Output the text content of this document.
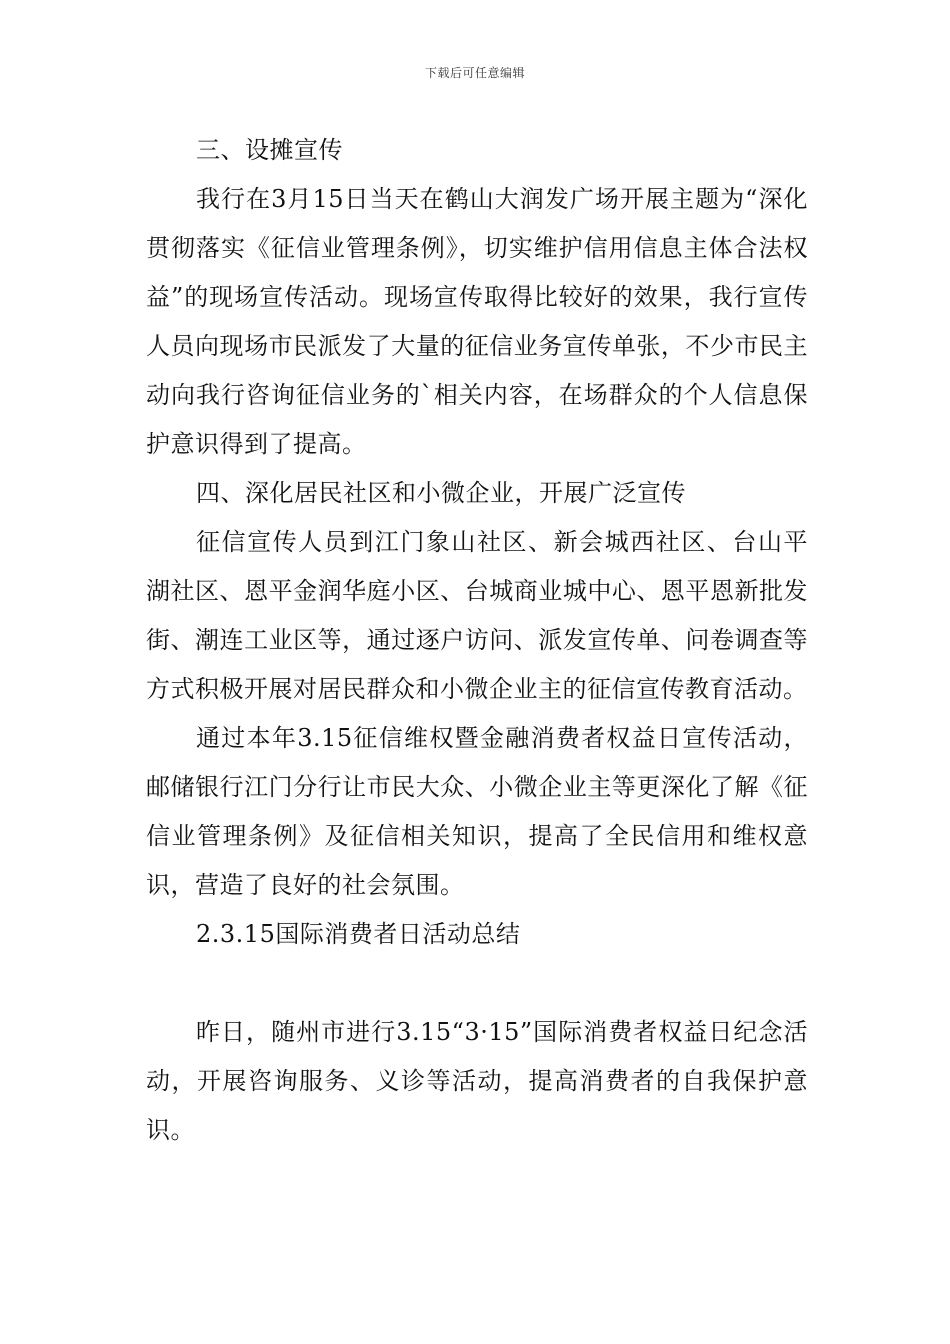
下载后可任意编辑

三、设摊宣传

我行在3月15日当天在鹤山大润发广场开展主题为“深化贯彻落实《征信业管理条例》，切实维护信用信息主体合法权益”的现场宣传活动。现场宣传取得比较好的效果，我行宣传人员向现场市民派发了大量的征信业务宣传单张，不少市民主动向我行咨询征信业务的`相关内容，在场群众的个人信息保护意识得到了提高。

四、深化居民社区和小微企业，开展广泛宣传

征信宣传人员到江门象山社区、新会城西社区、台山平湖社区、恩平金润华庭小区、台城商业城中心、恩平恩新批发街、潮连工业区等，通过逐户访问、派发宣传单、问卷调查等方式积极开展对居民群众和小微企业主的征信宣传教育活动。

通过本年3.15征信维权暨金融消费者权益日宣传活动，邮储银行江门分行让市民大众、小微企业主等更深化了解《征信业管理条例》及征信相关知识，提高了全民信用和维权意识，营造了良好的社会氛围。

2.3.15国际消费者日活动总结

昨日，随州市进行3.15“3·15”国际消费者权益日纪念活动，开展咨询服务、义诊等活动，提高消费者的自我保护意识。
